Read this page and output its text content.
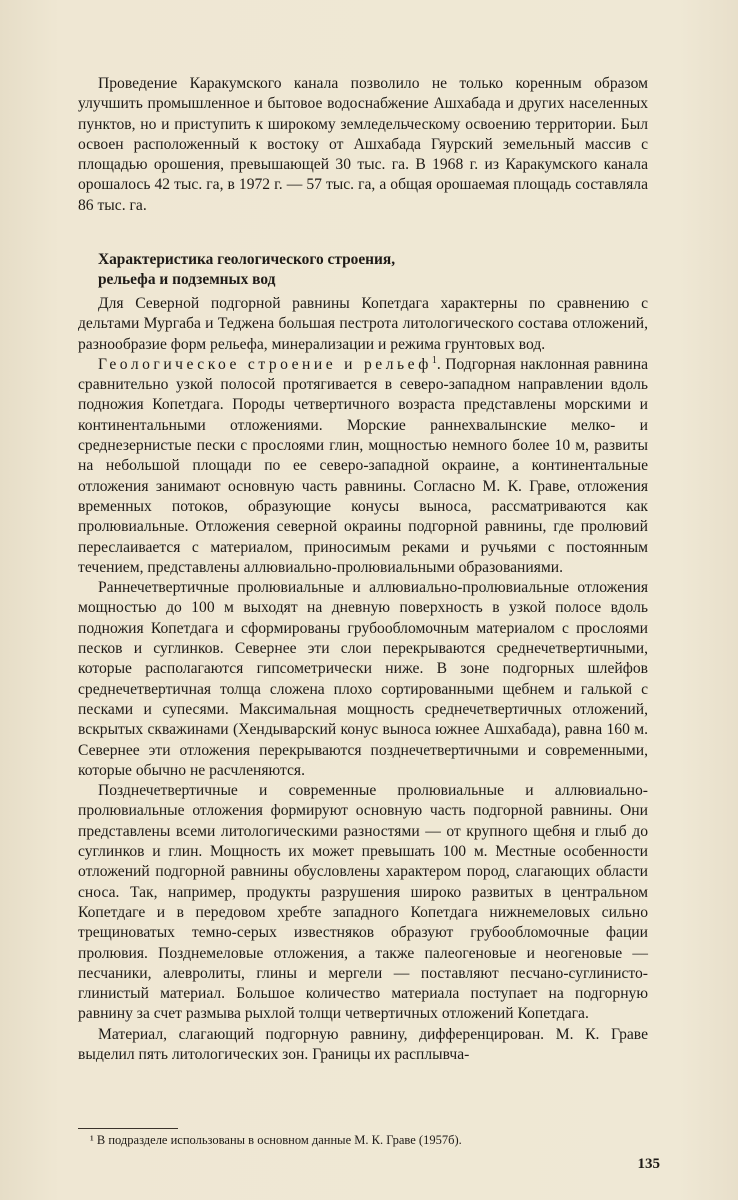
Проведение Каракумского канала позволило не только коренным образом улучшить промышленное и бытовое водоснабжение Ашхабада и других населенных пунктов, но и приступить к широкому земледельческому освоению территории. Был освоен расположенный к востоку от Ашхабада Гяурский земельный массив с площадью орошения, превышающей 30 тыс. га. В 1968 г. из Каракумского канала орошалось 42 тыс. га, в 1972 г. — 57 тыс. га, а общая орошаемая площадь составляла 86 тыс. га.

Характеристика геологического строения,
рельефа и подземных вод

Для Северной подгорной равнины Копетдага характерны по сравнению с дельтами Мургаба и Теджена большая пестрота литологического состава отложений, разнообразие форм рельефа, минерализации и режима грунтовых вод.

Геологическое строение и рельеф$^1$. Подгорная наклонная равнина сравнительно узкой полосой протягивается в северо-западном направлении вдоль подножия Копетдага. Породы четвертичного возраста представлены морскими и континентальными отложениями. Морские раннехвалынские мелко- и среднезернистые пески с прослоями глин, мощностью немного более 10 м, развиты на небольшой площади по ее северо-западной окраине, а континентальные отложения занимают основную часть равнины. Согласно М. К. Граве, отложения временных потоков, образующие конусы выноса, рассматриваются как пролювиальные. Отложения северной окраины подгорной равнины, где пролювий переслаивается с материалом, приносимым реками и ручьями с постоянным течением, представлены аллювиально-пролювиальными образованиями.

Раннечетвертичные пролювиальные и аллювиально-пролювиальные отложения мощностью до 100 м выходят на дневную поверхность в узкой полосе вдоль подножия Копетдага и сформированы грубообломочным материалом с прослоями песков и суглинков. Севернее эти слои перекрываются среднечетвертичными, которые располагаются гипсометрически ниже. В зоне подгорных шлейфов среднечетвертичная толща сложена плохо сортированными щебнем и галькой с песками и супесями. Максимальная мощность среднечетвертичных отложений, вскрытых скважинами (Хендыварский конус выноса южнее Ашхабада), равна 160 м. Севернее эти отложения перекрываются позднечетвертичными и современными, которые обычно не расчленяются.

Позднечетвертичные и современные пролювиальные и аллювиально-пролювиальные отложения формируют основную часть подгорной равнины. Они представлены всеми литологическими разностями — от крупного щебня и глыб до суглинков и глин. Мощность их может превышать 100 м. Местные особенности отложений подгорной равнины обусловлены характером пород, слагающих области сноса. Так, например, продукты разрушения широко развитых в центральном Копетдаге и в передовом хребте западного Копетдага нижнемеловых сильно трещиноватых темно-серых известняков образуют грубообломочные фации пролювия. Позднемеловые отложения, а также палеогеновые и неогеновые — песчаники, алевролиты, глины и мергели — поставляют песчано-суглинисто-глинистый материал. Большое количество материала поступает на подгорную равнину за счет размыва рыхлой толщи четвертичных отложений Копетдага.

Материал, слагающий подгорную равнину, дифференцирован. М. К. Граве выделил пять литологических зон. Границы их расплывча-

¹ В подразделе использованы в основном данные М. К. Граве (1957б).
135
